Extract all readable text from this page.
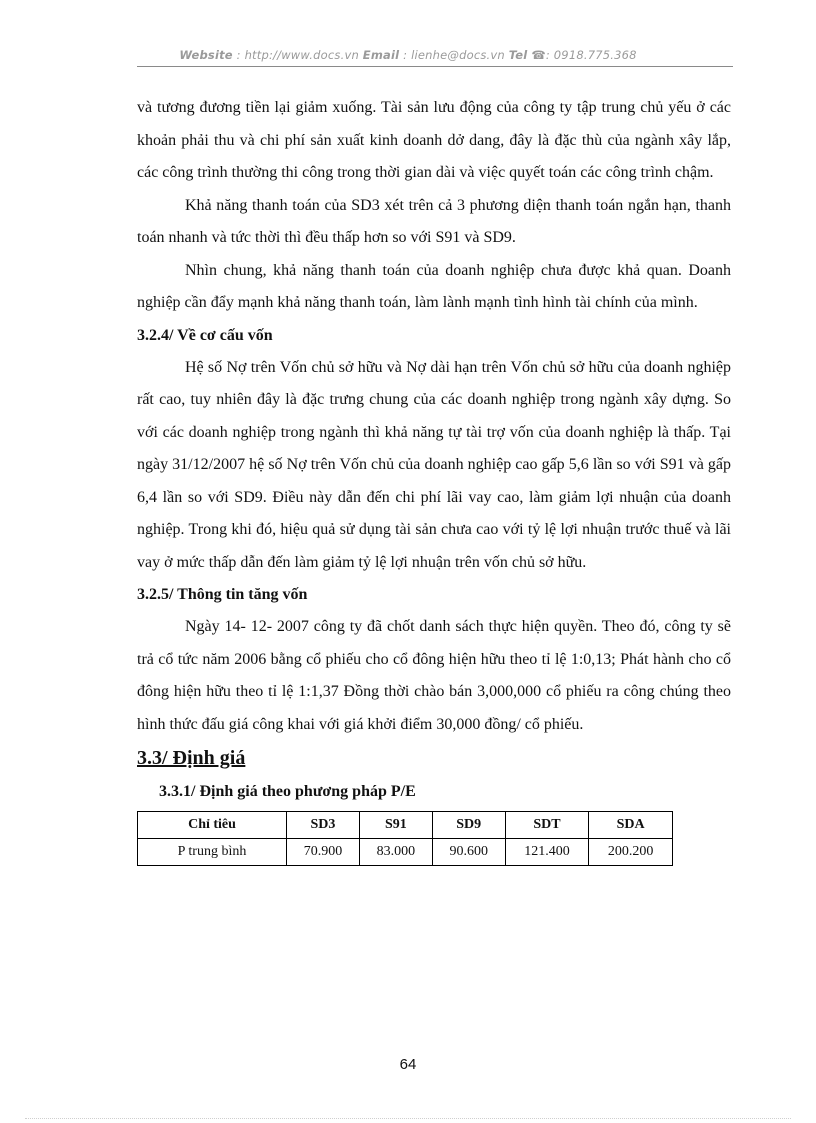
Website : http://www.docs.vn Email : lienhe@docs.vn Tel ☎: 0918.775.368

và tương đương tiền lại giảm xuống. Tài sản lưu động của công ty tập trung chủ yếu ở các khoản phải thu và chi phí sản xuất kinh doanh dở dang, đây là đặc thù của ngành xây lắp, các công trình thường thi công trong thời gian dài và việc quyết toán các công trình chậm.

Khả năng thanh toán của SD3 xét trên cả 3 phương diện thanh toán ngắn hạn, thanh toán nhanh và tức thời thì đều thấp hơn so với S91 và SD9.

Nhìn chung, khả năng thanh toán của doanh nghiệp chưa được khả quan. Doanh nghiệp cần đẩy mạnh khả năng thanh toán, làm lành mạnh tình hình tài chính của mình.

3.2.4/ Về cơ cấu vốn

Hệ số Nợ trên Vốn chủ sở hữu và Nợ dài hạn trên Vốn chủ sở hữu của doanh nghiệp rất cao, tuy nhiên đây là đặc trưng chung của các doanh nghiệp trong ngành xây dựng. So với các doanh nghiệp trong ngành thì khả năng tự tài trợ vốn của doanh nghiệp là thấp. Tại ngày 31/12/2007 hệ số Nợ trên Vốn chủ của doanh nghiệp cao gấp 5,6 lần so với S91 và gấp 6,4 lần so với SD9. Điều này dẫn đến chi phí lãi vay cao, làm giảm lợi nhuận của doanh nghiệp. Trong khi đó, hiệu quả sử dụng tài sản chưa cao với tỷ lệ lợi nhuận trước thuế và lãi vay ở mức thấp dẫn đến làm giảm tỷ lệ lợi nhuận trên vốn chủ sở hữu.

3.2.5/ Thông tin tăng vốn

Ngày 14- 12- 2007 công ty đã chốt danh sách thực hiện quyền. Theo đó, công ty sẽ trả cổ tức năm 2006 bằng cổ phiếu cho cổ đông hiện hữu theo tỉ lệ 1:0,13; Phát hành cho cổ đông hiện hữu theo tỉ lệ 1:1,37 Đồng thời chào bán 3,000,000 cổ phiếu ra công chúng theo hình thức đấu giá công khai với giá khởi điểm 30,000 đồng/ cổ phiếu.

3.3/ Định giá
3.3.1/ Định giá theo phương pháp P/E
Chỉ tiêu	SD3	S91	SD9	SDT	SDA
P trung bình	70.900	83.000	90.600	121.400	200.200
64
